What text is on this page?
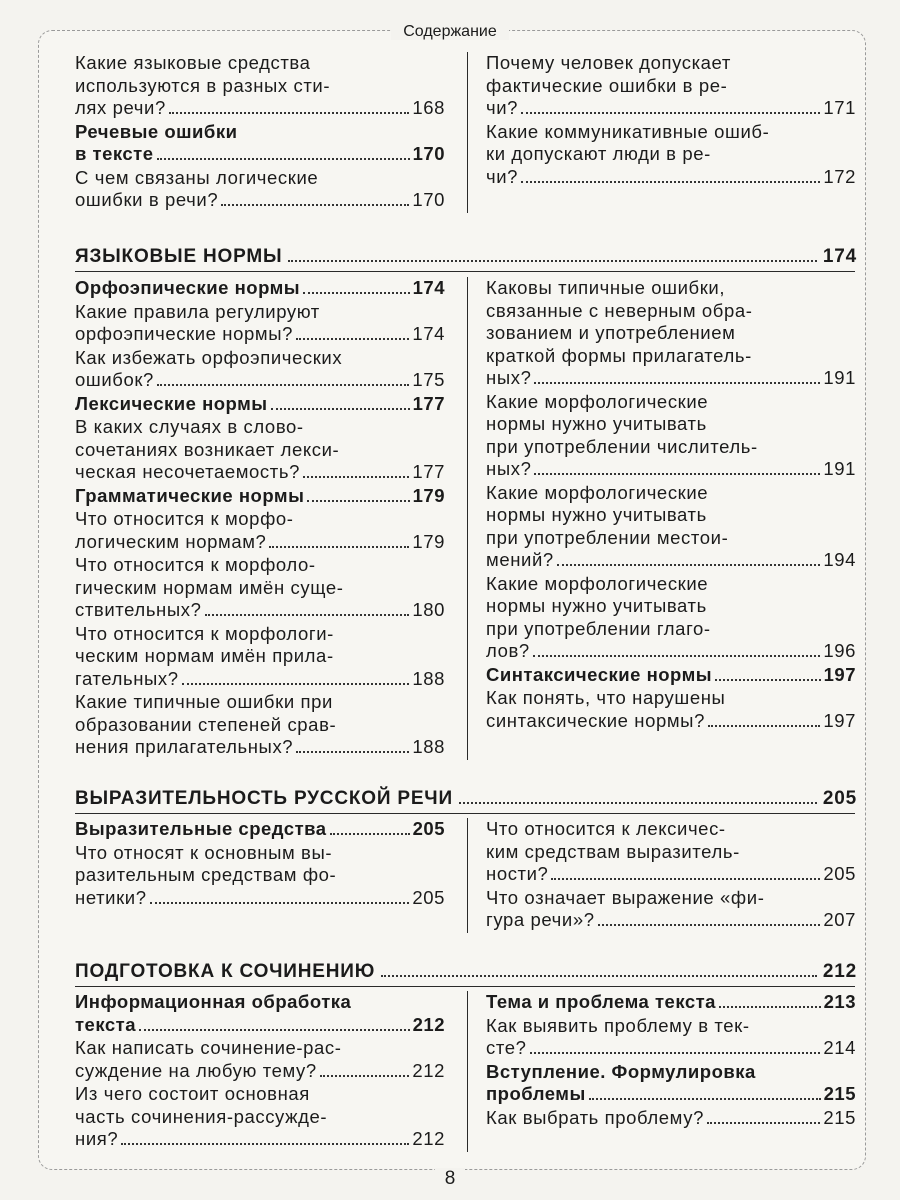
Содержание
Какие языковые средства
используются в разных сти-
лях речи?	168
Речевые ошибки
в тексте	170
С чем связаны логические
ошибки в речи?	170
Почему человек допускает
фактические ошибки в ре-
чи?	171
Какие коммуникативные ошиб-
ки допускают люди в ре-
чи?	172
ЯЗЫКОВЫЕ НОРМЫ	174
Орфоэпические нормы	174
Какие правила регулируют
орфоэпические нормы?	174
Как избежать орфоэпических
ошибок?	175
Лексические нормы	177
В каких случаях в слово-
сочетаниях возникает лекси-
ческая несочетаемость?	177
Грамматические нормы	179
Что относится к морфо-
логическим нормам?	179
Что относится к морфоло-
гическим нормам имён суще-
ствительных?	180
Что относится к морфологи-
ческим нормам имён прила-
гательных?	188
Какие типичные ошибки при
образовании степеней срав-
нения прилагательных?	188
Каковы типичные ошибки,
связанные с неверным обра-
зованием и употреблением
краткой формы прилагатель-
ных?	191
Какие морфологические
нормы нужно учитывать
при употреблении числитель-
ных?	191
Какие морфологические
нормы нужно учитывать
при употреблении местои-
мений?	194
Какие морфологические
нормы нужно учитывать
при употреблении глаго-
лов?	196
Синтаксические нормы	197
Как понять, что нарушены
синтаксические нормы?	197
ВЫРАЗИТЕЛЬНОСТЬ РУССКОЙ РЕЧИ	205
Выразительные средства	205
Что относят к основным вы-
разительным средствам фо-
нетики?	205
Что относится к лексичес-
ким средствам выразитель-
ности?	205
Что означает выражение «фи-
гура речи»?	207
ПОДГОТОВКА К СОЧИНЕНИЮ	212
Информационная обработка
текста	212
Как написать сочинение-рас-
суждение на любую тему?	212
Из чего состоит основная
часть сочинения-рассужде-
ния?	212
Тема и проблема текста	213
Как выявить проблему в тек-
сте?	214
Вступление. Формулировка
проблемы	215
Как выбрать проблему?	215
8
